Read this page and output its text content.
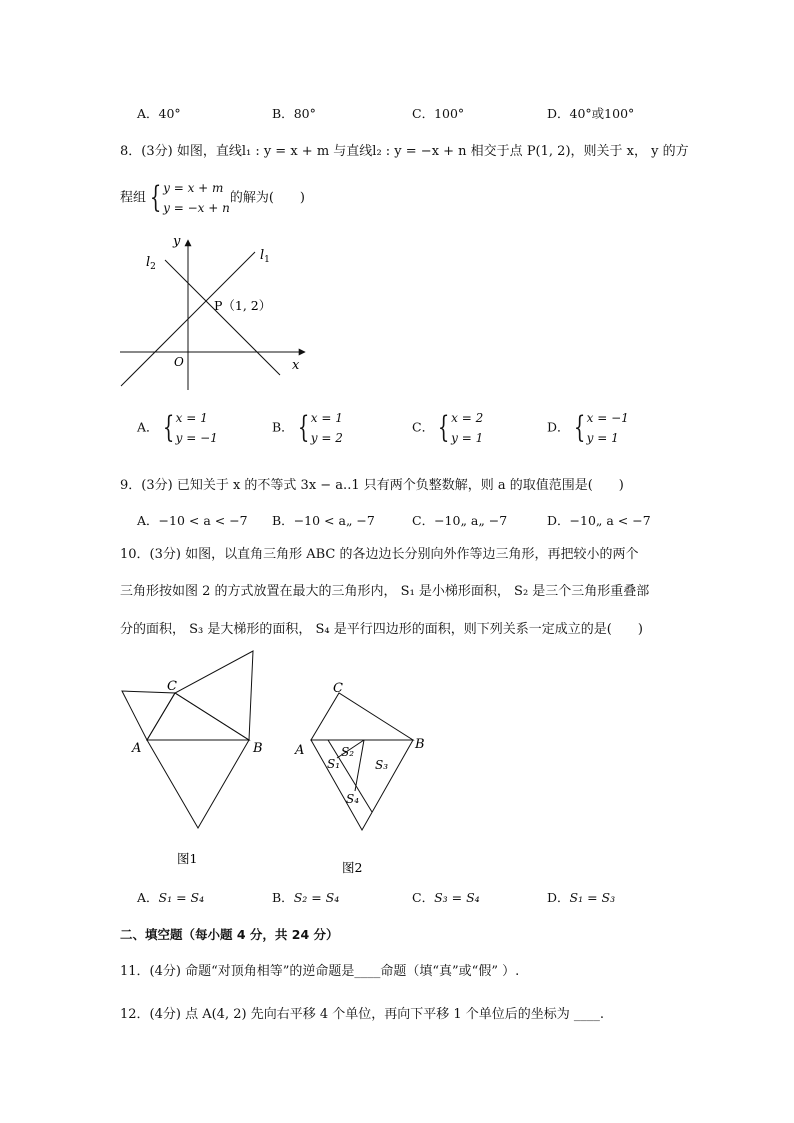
A．40°	B．80°	C．100°	D．40°或100°
8．(3分) 如图，直线l₁ : y = x + m 与直线l₂ : y = −x + n 相交于点 P(1, 2)，则关于 x， y 的方
程组 { y = x + m
y = −x + n
的解为(　　)
y
x
O
$l_1$
$l_2$
P（1, 2）
A． { x = 1
y = −1
B． { x = 1
y = 2
C． { x = 2
y = 1
D． { x = −1
y = 1
9．(3分) 已知关于 x 的不等式 3x − a..1 只有两个负整数解，则 a 的取值范围是(　　)
A．−10 < a < −7 B．−10 < a„ −7	C．−10„ a„ −7	D．−10„ a < −7
10．(3分) 如图，以直角三角形 ABC 的各边边长分别向外作等边三角形，再把较小的两个
三角形按如图 2 的方式放置在最大的三角形内， S₁ 是小梯形面积， S₂ 是三个三角形重叠部
分的面积， S₃ 是大梯形的面积， S₄ 是平行四边形的面积，则下列关系一定成立的是(　　)
C
A	B
图1
C
A	B
S₂
S₁	S₃
S₄
图2
A．S₁ = S₄	B．S₂ = S₄	C．S₃ = S₄	D．S₁ = S₃
二、填空题（每小题 4 分，共 24 分）
11．(4分) 命题“对顶角相等”的逆命题是____命题（填“真”或“假” ）.
12．(4分) 点 A(4, 2) 先向右平移 4 个单位，再向下平移 1 个单位后的坐标为 ____.
